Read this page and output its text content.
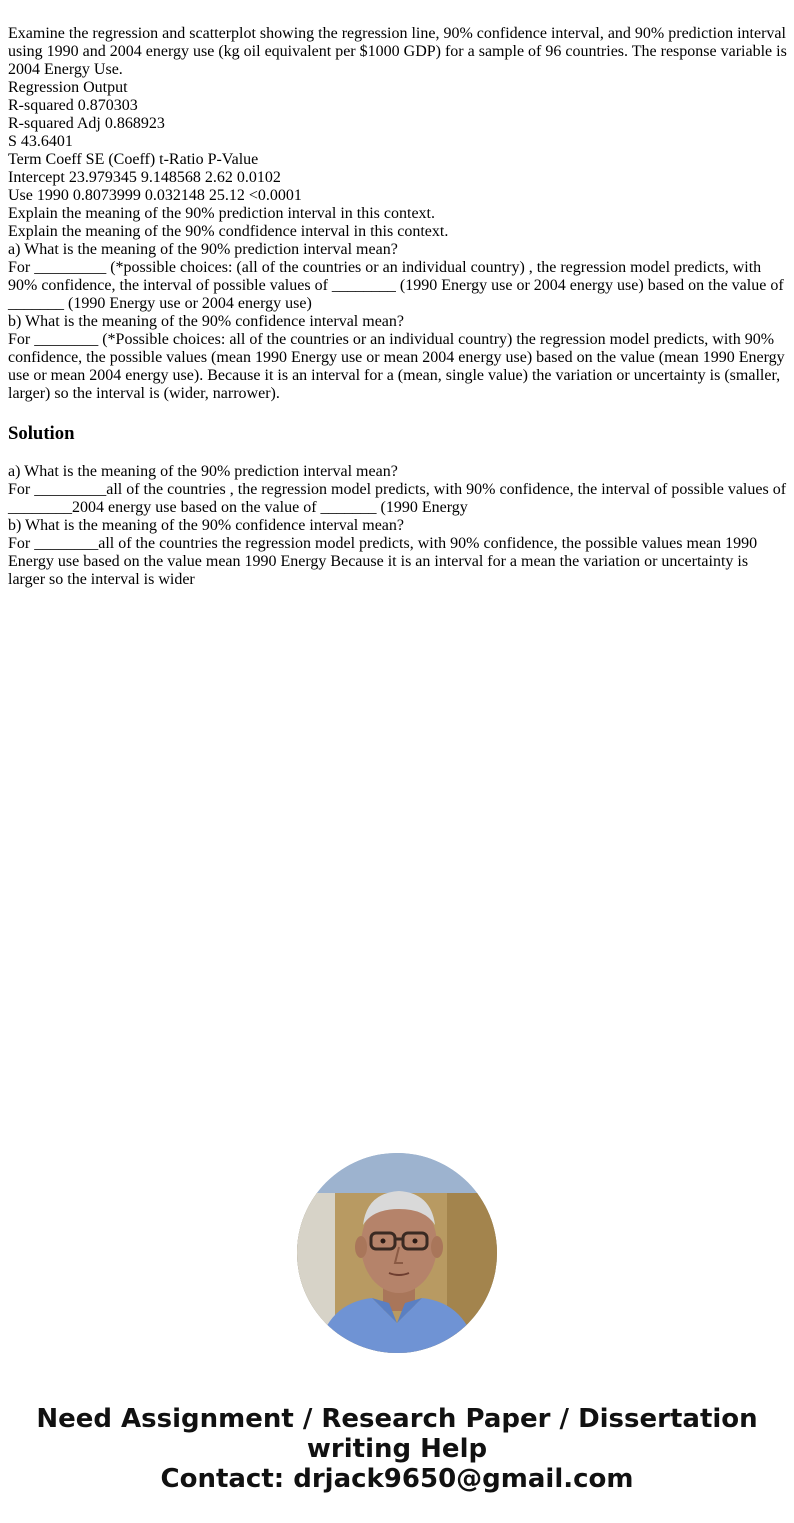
Examine the regression and scatterplot showing the regression line, 90% confidence interval, and 90% prediction interval using 1990 and 2004 energy use (kg oil equivalent per $1000 GDP) for a sample of 96 countries. The response variable is 2004 Energy Use.
Regression Output
R-squared 0.870303
R-squared Adj 0.868923
S 43.6401
Term Coeff SE (Coeff) t-Ratio P-Value
Intercept 23.979345 9.148568 2.62 0.0102
Use 1990 0.8073999 0.032148 25.12 <0.0001
Explain the meaning of the 90% prediction interval in this context.
Explain the meaning of the 90% condfidence interval in this context.
a) What is the meaning of the 90% prediction interval mean?
For _________ (*possible choices: (all of the countries or an individual country) , the regression model predicts, with 90% confidence, the interval of possible values of ________ (1990 Energy use or 2004 energy use) based on the value of _______ (1990 Energy use or 2004 energy use)
b) What is the meaning of the 90% confidence interval mean?
For ________ (*Possible choices: all of the countries or an individual country) the regression model predicts, with 90% confidence, the possible values (mean 1990 Energy use or mean 2004 energy use) based on the value (mean 1990 Energy use or mean 2004 energy use). Because it is an interval for a (mean, single value) the variation or uncertainty is (smaller, larger) so the interval is (wider, narrower).
Solution
a) What is the meaning of the 90% prediction interval mean?
For _________all of the countries , the regression model predicts, with 90% confidence, the interval of possible values of ________2004 energy use based on the value of _______ (1990 Energy
b) What is the meaning of the 90% confidence interval mean?
For ________all of the countries the regression model predicts, with 90% confidence, the possible values mean 1990 Energy use based on the value mean 1990 Energy Because it is an interval for a mean the variation or uncertainty is larger so the interval is wider
Need Assignment / Research Paper / Dissertation
writing Help
Contact: drjack9650@gmail.com
